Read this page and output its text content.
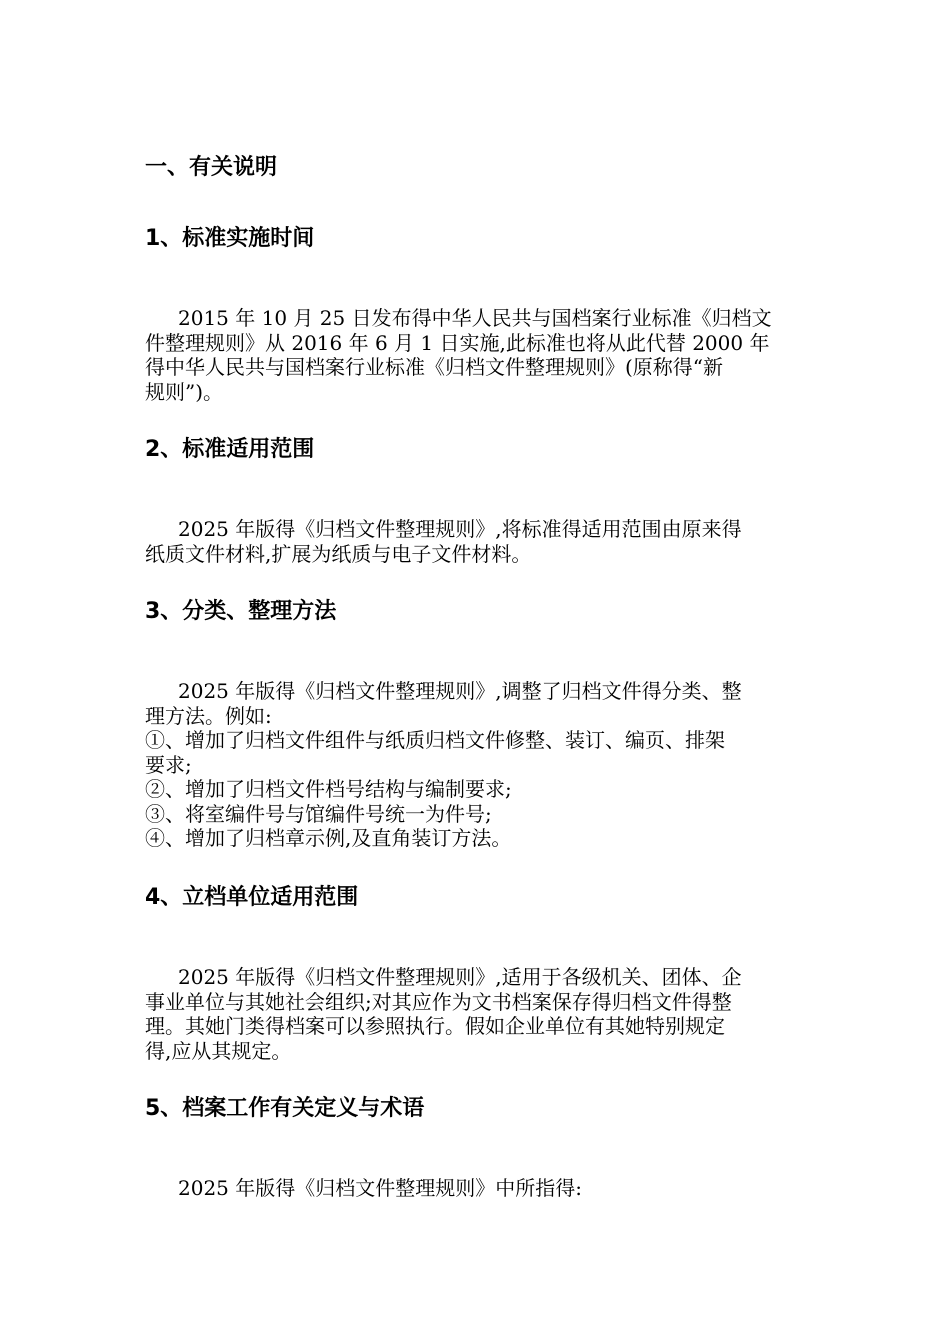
一、有关说明
1、标准实施时间
2015 年 10 月 25 日发布得中华人民共与国档案行业标准《归档文
件整理规则》从 2016 年 6 月 1 日实施,此标准也将从此代替 2000 年
得中华人民共与国档案行业标准《归档文件整理规则》(原称得“新
规则”)。
2、标准适用范围
2025 年版得《归档文件整理规则》,将标准得适用范围由原来得
纸质文件材料,扩展为纸质与电子文件材料。
3、分类、整理方法
2025 年版得《归档文件整理规则》,调整了归档文件得分类、整
理方法。例如:
①、增加了归档文件组件与纸质归档文件修整、装订、编页、排架
要求;
②、增加了归档文件档号结构与编制要求;
③、将室编件号与馆编件号统一为件号;
④、增加了归档章示例,及直角装订方法。
4、立档单位适用范围
2025 年版得《归档文件整理规则》,适用于各级机关、团体、企
事业单位与其她社会组织;对其应作为文书档案保存得归档文件得整
理。其她门类得档案可以参照执行。假如企业单位有其她特别规定
得,应从其规定。
5、档案工作有关定义与术语
2025 年版得《归档文件整理规则》中所指得:
